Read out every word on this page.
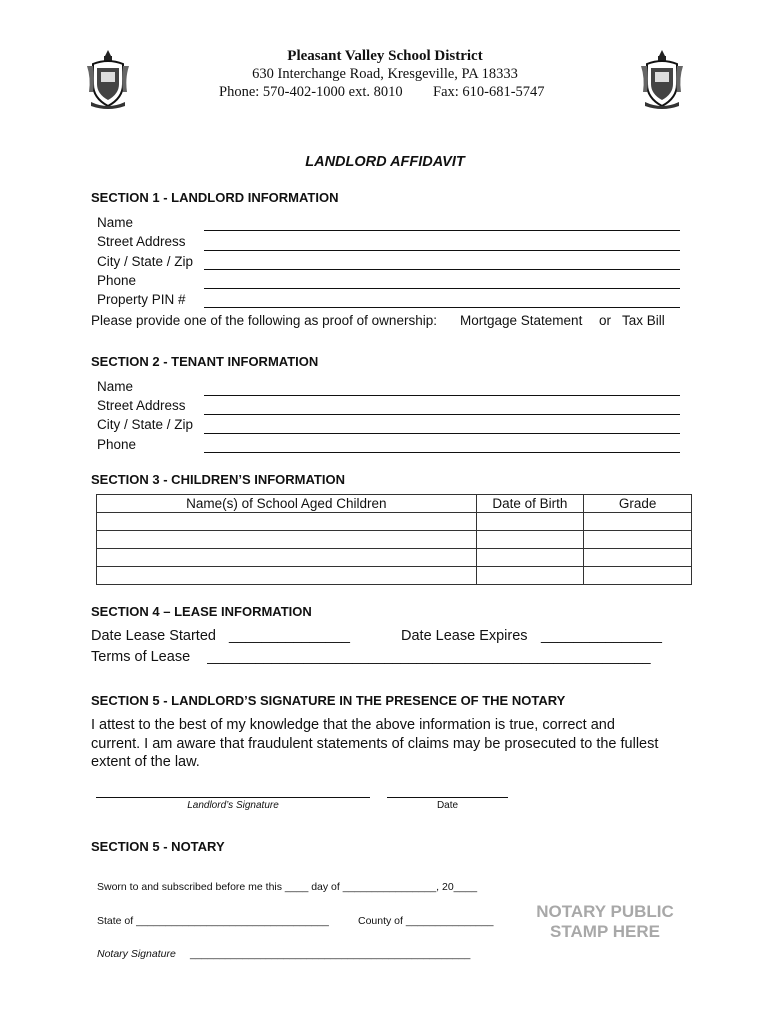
Pleasant Valley School District
630 Interchange Road, Kresgeville, PA 18333
Phone: 570-402-1000 ext. 8010 Fax: 610-681-5747
LANDLORD AFFIDAVIT
SECTION 1 - LANDLORD INFORMATION
Name
Street Address
City / State / Zip
Phone
Property PIN #
Please provide one of the following as proof of ownership: Mortgage Statement or Tax Bill
SECTION 2 - TENANT INFORMATION
Name
Street Address
City / State / Zip
Phone
SECTION 3 - CHILDREN’S INFORMATION
Name(s) of School Aged Children	Date of Birth	Grade

SECTION 4 – LEASE INFORMATION
Date Lease Started _______________	Date Lease Expires _______________
Terms of Lease _______________________________________________________
SECTION 5 - LANDLORD’S SIGNATURE IN THE PRESENCE OF THE NOTARY
I attest to the best of my knowledge that the above information is true, correct and current. I am aware that fraudulent statements of claims may be prosecuted to the fullest extent of the law.
Landlord’s Signature	Date
SECTION 5 - NOTARY
Sworn to and subscribed before me this ____ day of ________________, 20____
State of _________________________________	County of _______________
Notary Signature ________________________________________________
NOTARY PUBLIC
STAMP HERE
